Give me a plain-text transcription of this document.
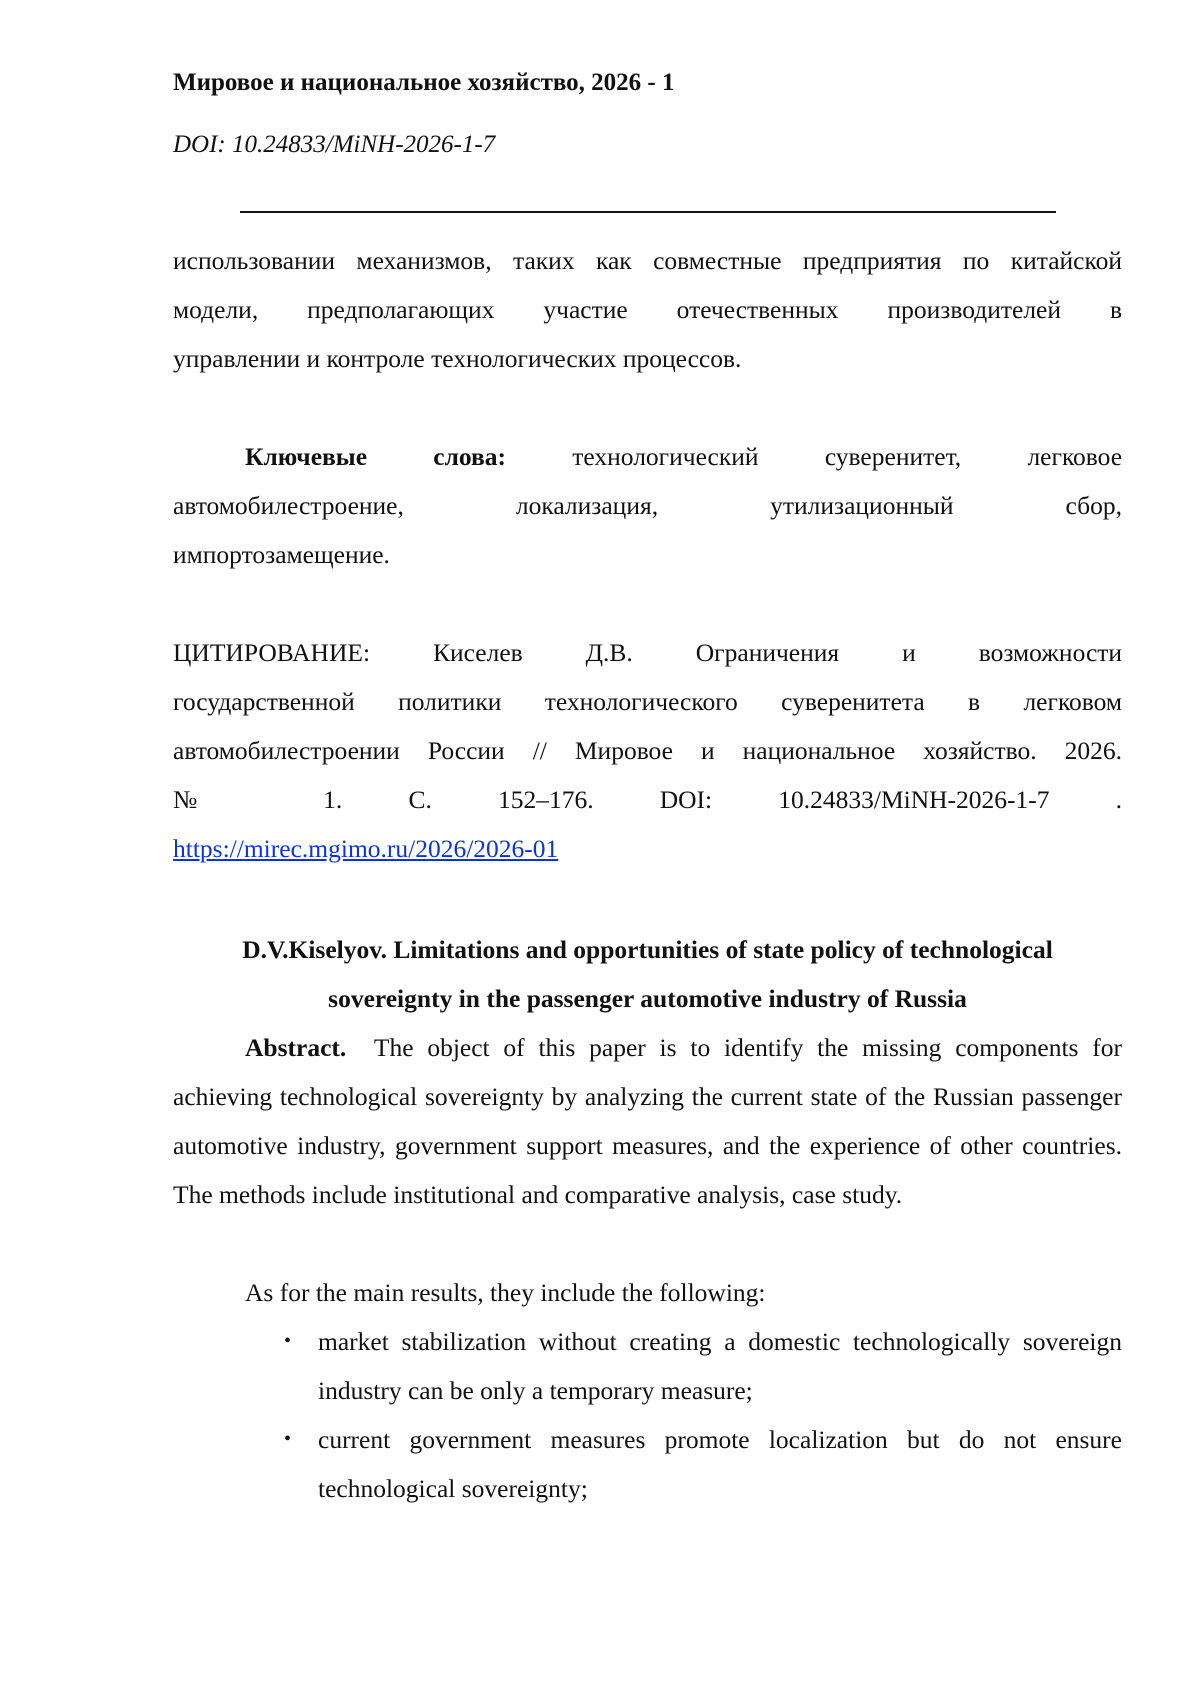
Мировое и национальное хозяйство, 2026 - 1
DOI: 10.24833/MiNH-2026-1-7
использовании механизмов, таких как совместные предприятия по китайской
модели, предполагающих участие отечественных производителей в
управлении и контроле технологических процессов.
Ключевые слова:	технологический	суверенитет,	легковое
автомобилестроение,	локализация,	утилизационный	сбор,
импортозамещение.
ЦИТИРОВАНИЕ: Киселев Д.В. Ограничения и возможности
государственной политики технологического суверенитета в легковом
автомобилестроении России // Мировое и национальное хозяйство. 2026.
№ 1.	С.	152–176.	DOI:	10.24833/MiNH-2026-1-7	.
https://mirec.mgimo.ru/2026/2026-01
D.V.Kiselyov. Limitations and opportunities of state policy of technological
sovereignty in the passenger automotive industry of Russia
Abstract. The object of this paper is to identify the missing components for achieving technological sovereignty by analyzing the current state of the Russian passenger automotive industry, government support measures, and the experience of other countries. The methods include institutional and comparative analysis, case study.
As for the main results, they include the following:
• market stabilization without creating a domestic technologically sovereign industry can be only a temporary measure;
• current government measures promote localization but do not ensure technological sovereignty;
